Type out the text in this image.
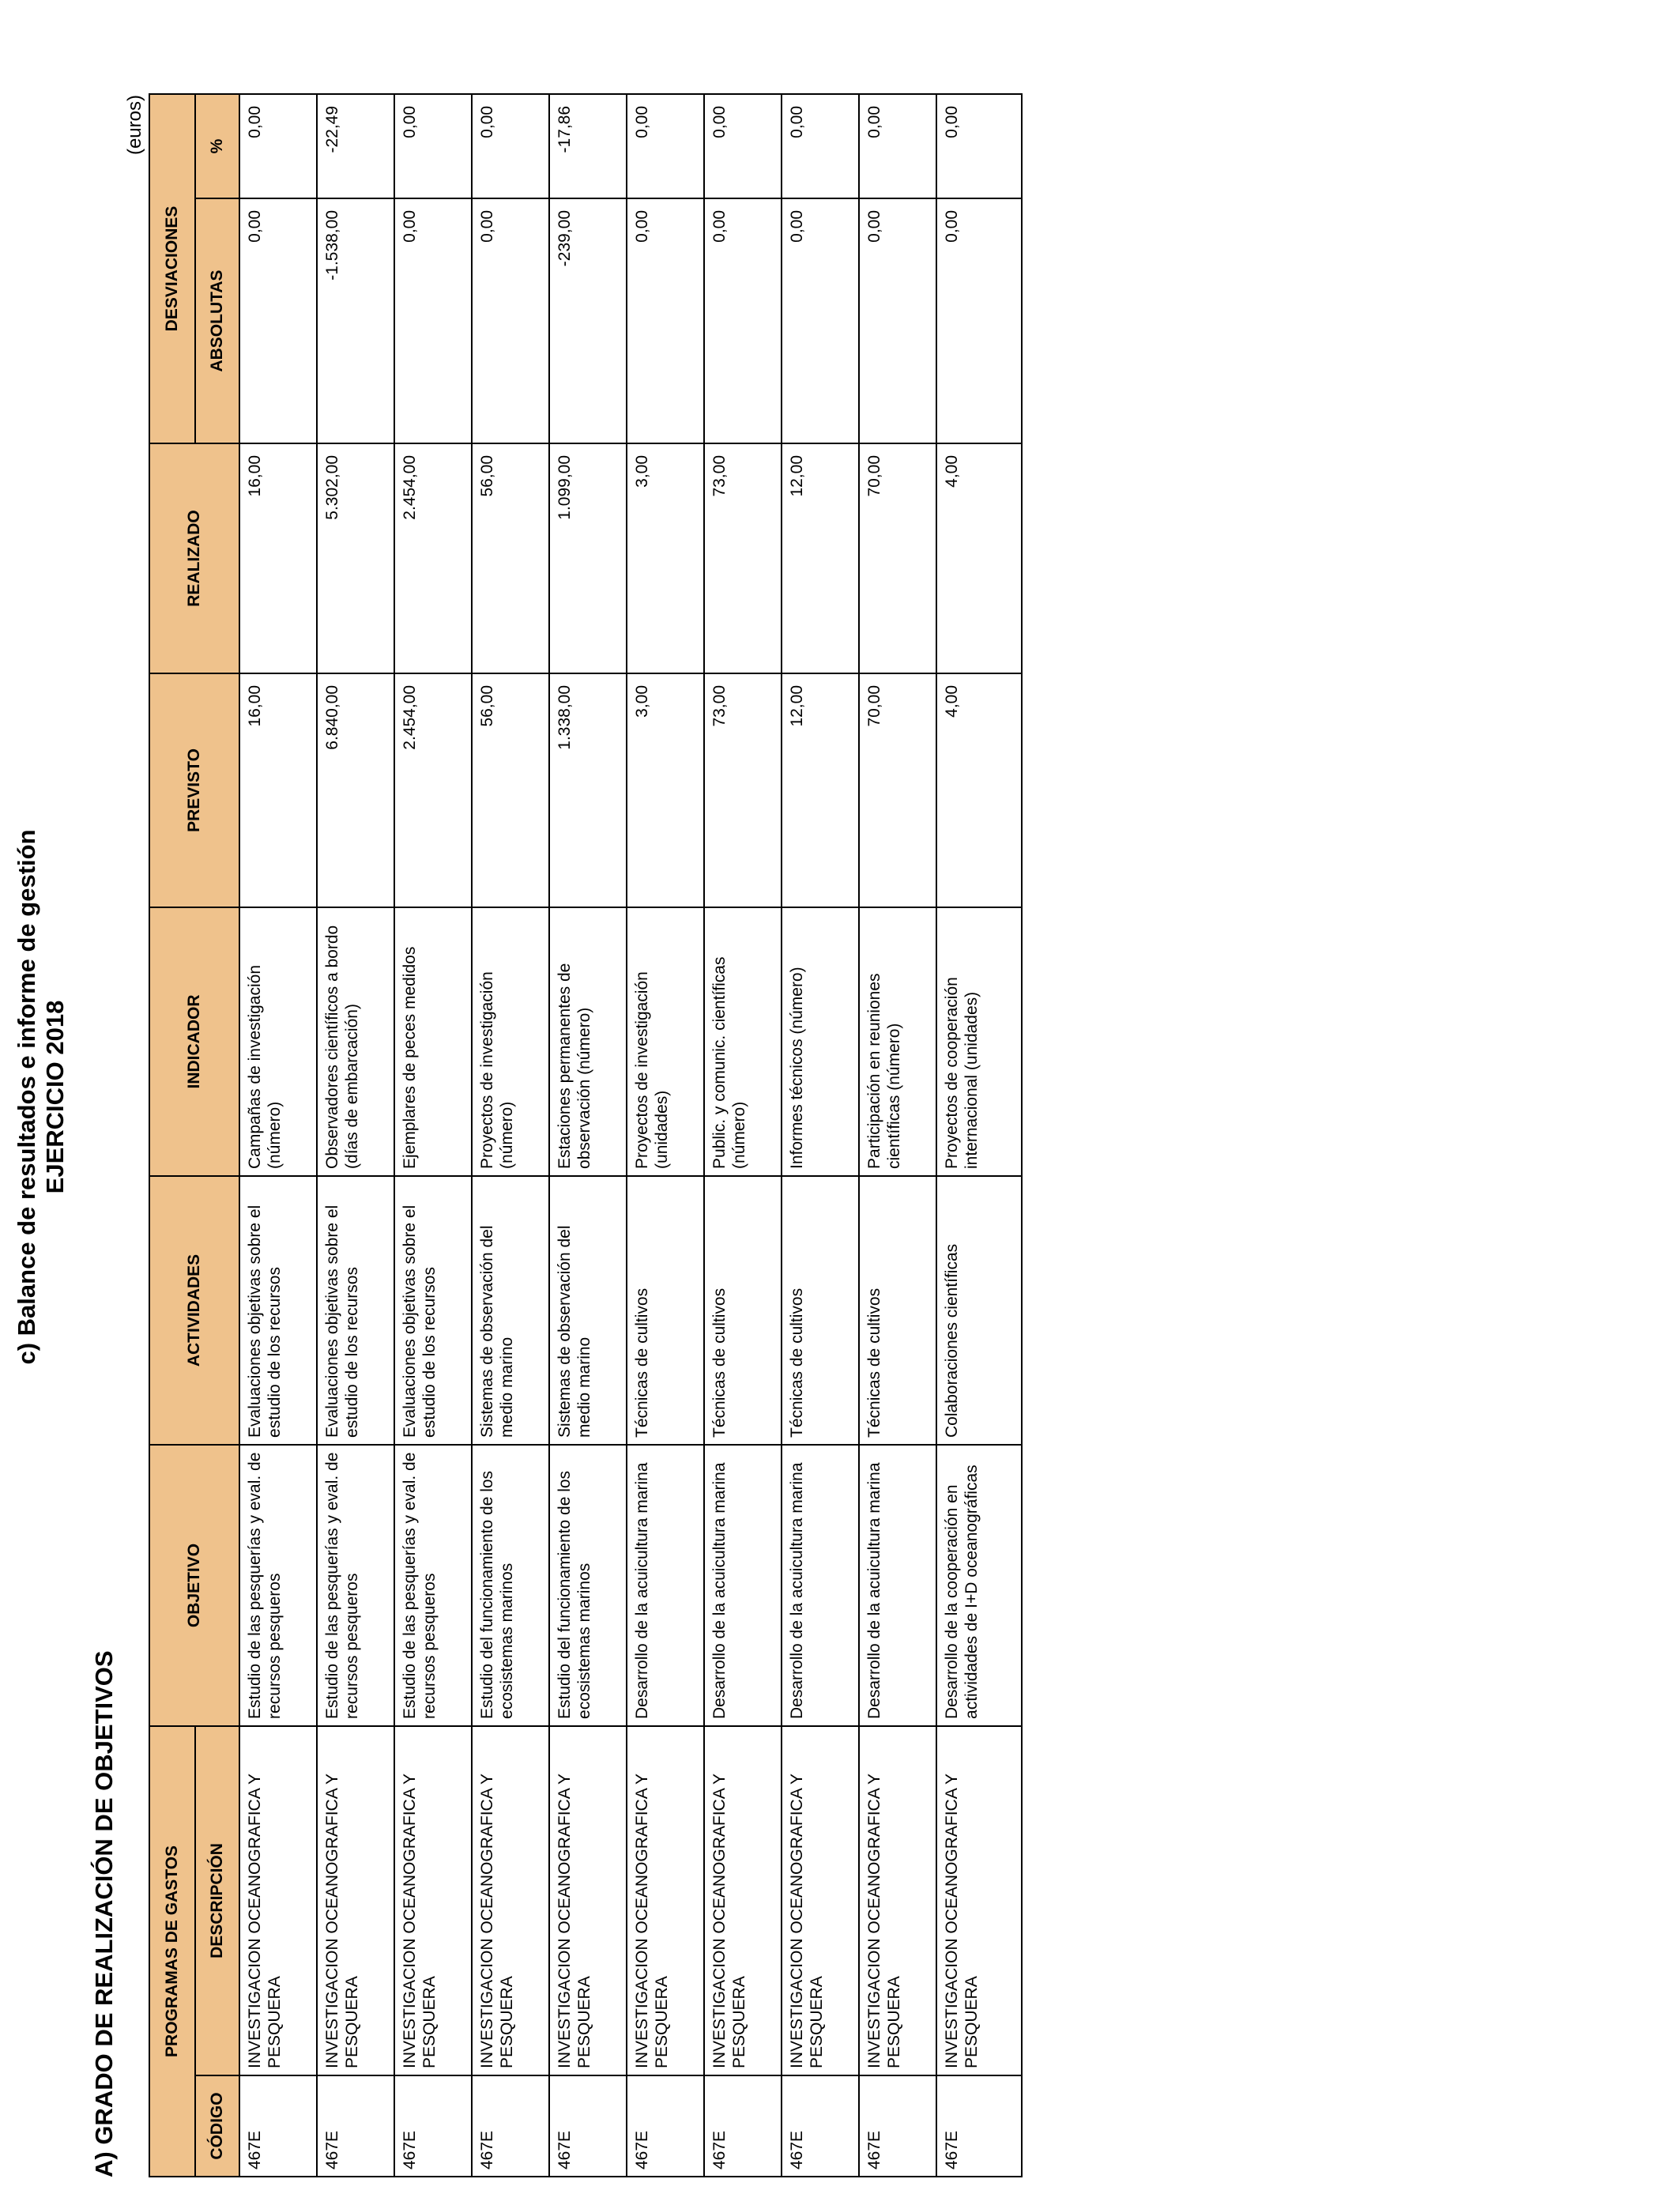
c) Balance de resultados e informe de gestión EJERCICIO 2018
A) GRADO DE REALIZACIÓN DE OBJETIVOS
(euros)
PROGRAMAS DE GASTOS		OBJETIVO	ACTIVIDADES	INDICADOR	PREVISTO	REALIZADO	DESVIACIONES	
CÓDIGO	DESCRIPCIÓN						ABSOLUTAS	%

467E	INVESTIGACION OCEANOGRAFICA Y PESQUERA	Estudio de las pesquerías y eval. de recursos pesqueros	Evaluaciones objetivas sobre el estudio de los recursos	Campañas de investigación (número)	16,00	16,00	0,00	0,00

467E	INVESTIGACION OCEANOGRAFICA Y PESQUERA	Estudio de las pesquerías y eval. de recursos pesqueros	Evaluaciones objetivas sobre el estudio de los recursos	Observadores científicos a bordo (días de embarcación)	6.840,00	5.302,00	-1.538,00	-22,49

467E	INVESTIGACION OCEANOGRAFICA Y PESQUERA	Estudio de las pesquerías y eval. de recursos pesqueros	Evaluaciones objetivas sobre el estudio de los recursos	Ejemplares de peces medidos	2.454,00	2.454,00	0,00	0,00

467E	INVESTIGACION OCEANOGRAFICA Y PESQUERA	Estudio del funcionamiento de los ecosistemas marinos	Sistemas de observación del medio marino	Proyectos de investigación (número)	56,00	56,00	0,00	0,00

467E	INVESTIGACION OCEANOGRAFICA Y PESQUERA	Estudio del funcionamiento de los ecosistemas marinos	Sistemas de observación del medio marino	Estaciones permanentes de observación (número)	1.338,00	1.099,00	-239,00	-17,86

467E	INVESTIGACION OCEANOGRAFICA Y PESQUERA	Desarrollo de la acuicultura marina	Técnicas de cultivos	Proyectos de investigación (unidades)	3,00	3,00	0,00	0,00

467E	INVESTIGACION OCEANOGRAFICA Y PESQUERA	Desarrollo de la acuicultura marina	Técnicas de cultivos	Public. y comunic. científicas (número)	73,00	73,00	0,00	0,00

467E	INVESTIGACION OCEANOGRAFICA Y PESQUERA	Desarrollo de la acuicultura marina	Técnicas de cultivos	Informes técnicos (número)	12,00	12,00	0,00	0,00

467E	INVESTIGACION OCEANOGRAFICA Y PESQUERA	Desarrollo de la acuicultura marina	Técnicas de cultivos	Participación en reuniones científicas (número)	70,00	70,00	0,00	0,00

467E	INVESTIGACION OCEANOGRAFICA Y PESQUERA	Desarrollo de la cooperación en actividades de I+D oceanográficas	Colaboraciones científicas	Proyectos de cooperación internacional (unidades)	4,00	4,00	0,00	0,00
